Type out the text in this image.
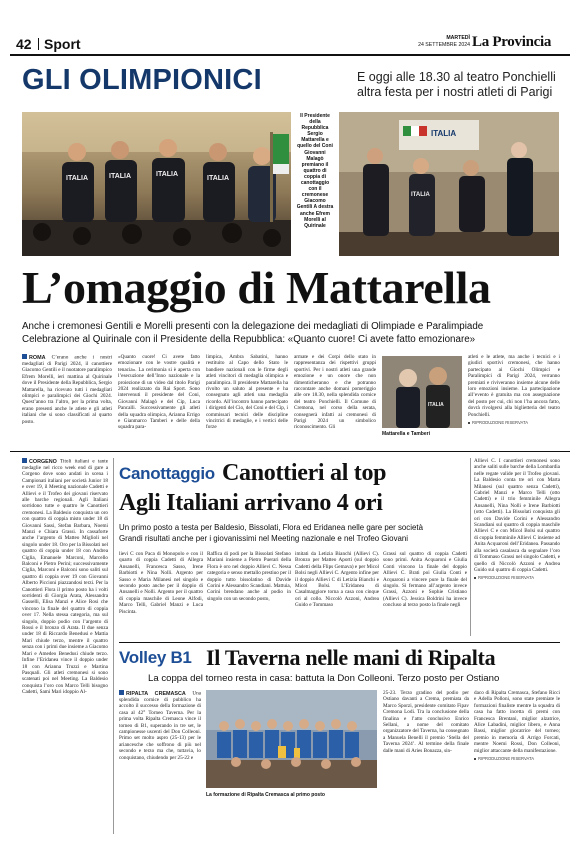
42 Sport	MARTEDÌ
24 SETTEMBRE 2024 La Provincia
GLI OLIMPIONICI	E oggi alle 18.30 al teatro Ponchielli
altra festa per i nostri atleti di Parigi
ITALIA	ITALIA	ITALIA
ITALIA
Il Presidente della Repubblica Sergio Mattarella e quello del Coni Giovanni Malagò premiano il quattro di coppia di canottaggio con il cremonese Giacomo Gentili A destra anche Efrem Morelli al Quirinale
ITALIA
ITALIA
L’omaggio di Mattarella
Anche i cremonesi Gentili e Morelli presenti con la delegazione dei medagliati di Olimpiade e Paralimpiade
Celebrazione al Quirinale con il Presidente della Repubblica: «Quanto cuore! Ci avete fatto emozionare»
ROMA C’erano anche i nostri medagliati di Parigi 2024, il canottiere Giacomo Gentili e il nuotatore paralimpico Efrem Morelli, ieri mattina al Quirinale dove il Presidente della Repubblica, Sergio Mattarella, ha ricevuto tutti i medagliati olimpici e paralimpici dei Giochi 2024. Quest’anno tra l’altro, per la prima volta, erano presenti anche le atlete e gli atleti italiani che si sono classificati al quarto posto.
«Quanto cuore! Ci avete fatto emozionare con le vostre qualità e tenacia». La cerimonia si è aperta con l’esecuzione dell’Inno nazionale e la proiezione di un video dal titolo Parigi 2024 realizzato da Rai Sport. Sono intervenuti il presidente del Coni, Giovanni Malagò e del Cip, Luca Pancalli. Successivamente gli atleti della squadra olimpica, Arianna Errigo e Gianmarco Tamberi e delle della squadra para-
limpica, Ambra Sabatini, hanno restituito al Capo dello Stato le bandiere nazionali con le firme degli atleti vincitori di medaglia olimpica e paralimpica. Il presidente Mattarella ha rivolto un saluto al presente e ha consegnato agli atleti una medaglia ricordo. All’incontro hanno partecipato i dirigenti del Cio, del Coni e del Cip, i commissari tecnici delle discipline vincitrici di medaglie, e i vertici delle forze
armate e dei Corpi dello stato in rappresentanza dei rispettivi gruppi sportivi. Per i nostri atleti una grande emozione e un onore che non dimenticheranno e che potranno raccontare anche domani pomeriggio alle ore 18.30, nella splendida cornice del teatro Ponchielli. Il Comune di Cremona, nel corso della serata, consegnerà infatti ai cremonesi di Parigi 2024 un simbolico riconoscimento. Gli
ITALIA
Mattarella e Tamberi
atleti e le atlete, ma anche i tecnici e i giudici sportivi cremonesi, che hanno partecipato ai Giochi Olimpici e Paralimpici di Parigi 2024, verranno premiati e riviveranno insieme alcune delle loro emozioni insieme. La partecipazione all’evento è gratuita ma con assegnazione del posto per cui, chi non l’ha ancora fatto, dovrà rivolgersi alla biglietteria del teatro Ponchielli.
RIPRODUZIONE RISERVATA
CORGENO Titoli italiani e tante medaglie nel ricco week end di gare a Corgeno dove sono andati in scena i Campionati italiani per società Junior 18 e over 19, il Meeting nazionale Cadetti e Allievi e il Trofeo dei giovani riservato alle barche regionali. Agli Italiani sorridono tutte e quattro le Canottieri cremonesi. La Baldesio conquista un oro con quattro di coppia misto under 18 di Giovanni Sassi, Stefan Barbara, Noemi Manzi e Chiara Grassi. In cassaforte anche l’argento di Matteo Miglioli nel singolo under 18. Oro per la Bissolati nel quattro di coppia under 18 con Andrea Ciglia, Emanuele Marconi, Marcello Balconi e Pietro Perini; successivamente Ciglia, Marconi e Balconi sono saliti sul quattro di coppia over 19 con Giovanni Alberto Piccioni piazzandosi terzi. Per la Canottieri Flora il primo posto ha i volti sorridenti di Giorgia Arata, Alessandra Gasselli, Elisa Manzi e Alice Rosi che vincono la finale del quattro di coppia over 17. Nella stessa categoria, ma sul singolo, doppio podio con l’argento di Rossi e il bronzo di Arata. Il due senza under 18 di Riccardo Benedusi e Mattia Mari chiude terzo, mentre il quattro senza con i primi due insieme a Giacomo Mari e Amedeo Benedusi chiude terzo. Infine l’Eridanea vince il doppio under 18 con Arianna Truzzi e Martina Pasquali. Gli atleti cremonesi si sono scatenati poi nel Meeting. La Baldesio conquista l’oro con Marco Telli bisogno Cadetti, Sami Mari idoppio Al-
Canottaggio Canottieri al top
Agli Italiani arrivano 4 ori
Un primo posto a testa per Baldesio, Bissolati, Flora ed Eridanea nelle gare per società
Grandi risultati anche per i giovanissimi nel Meeting nazionale e nel Trofeo Giovani
lievi C con Paca di Monopolo e con il quarto di coppia Cadetti di Allegra Ansanelli, Francesca Sasso, Irene Barbiotti e Nina Nolli. Argento per Sasso e Maria Milanesi nel singolo e secondo posto anche per il doppio di Ansanelli e Nolli. Argento per il quattro di coppia maschile di Leone Alfodi, Marco Telli, Gabriel Manzi e Luca Piscinta.
Raffica di podi per la Bissolati Stefano Mariani insieme a Pietro Puerari della Flora è oro nel doppio Allievi C. Nessa categoria e senso mettallo prestiuo per il doppio tutto bissolatino di Davide Corini e Alessandro Scandiani. Mattuia, Corini brendano anche al podio in singolo con un secondo posto,
imitati da Letizia Bianchi (Allievi C). Bronzo per Matteo Aporti (sul doppio Cadetti della Flips Gemava) e per Micol Bolsi negli Allievi C. Argento infine per il doppio Allievi C di Letizia Bianchi e Micol Bolsi. L’Eridanea di Casalmaggiore torna a casa con cinque ori al collo. Niccolò Azzoni, Andrea Guido e Tommaso
Grassi sul quattro di coppia Cadetti sono primi. Anita Acquaroni e Giulia Conti vincono la finale del doppio Allievi C. Brati poi Giulia Conti e Acquaroni a vincere pure la finale del singolo. Si fermano all’argento invece Grassi, Azzoni e Sophie Cristiano (Allievi C). Jessica Boldrini ha invece concluso al terzo posto la finale negli
Allievi C. I canottieri cremonesi sono anche saliti sulle barche della Lombardia nelle regate valide per il Trofeo giovani. La Baldesio conta tre ori con Marta Milanesi (sul quattro senza Cadetti), Gabriel Manzi e Marco Telli (otto Cadetti) e il trio femminile Allegra Ansanelli, Nina Nolli e Irene Barbiotti (otto Cadetti). La Bissolati conquista gli ori con Davide Corini e Alessandro Scandiani sul quattro di coppia maschile Allievi C e con Micol Bolsi sul quattro di coppia femminile Allievi C insieme ad Anita Acquaroni dell’Eridanea. Passando alla società casalasca da segnalare l’oro di Tommaso Grassi nel singolo Cadetti, e quello di Niccolò Azzoni e Andrea Guido sul quattro di coppia Cadetti.
RIPRODUZIONE RISERVATA
Volley B1 Il Taverna nelle mani di Ripalta
La coppa del torneo resta in casa: battuta la Don Colleoni. Terzo posto per Ostiano
RIPALTA CREMASCA Una splendida cornice di pubblico ha accolto il successo della formazione di casa al 42° Torneo Taverna. Per la prima volta Ripalta Cremasca vince il torneo di B1, superando in tre set, le campionesse uscenti del Don Colleoni. Primo set molto aspro (25-13) per le ariancesche che soffrono di più nel secondo e terzo ma che, tuttavia, lo conquistano, chiudendo per 25-22 e
La formazione di Ripalta Cremasca al primo posto
25-23. Terzo gradino del podio per Ostiano davanti a Crema, premiata da Marco Sporzi, presidente comitato Fipav Cremona Lodi. Tra la conclusione della finalina e l’atto conclusivo Enrico Sellani, a nome del comitato organizzatore del Taverna, ha consegnato a Manuela Benelli il premio ‘Stella del Taverna 2024’. Al termine della finale dalle mani di Aries Bonazza, sin-
daco di Ripalta Cremasca, Stefano Ricci e Adella Polloni, sono state premiate le formazioni finaliste mentre la squadra di casa ha fatto incetta di premi con Francesca Brentani, miglior alzatrice, Alice Labadini, miglior libero, e Anna Bassi, miglior giocatrice del torneo; premio in memoria di Arrigo Forcati, mentre Noemi Rossi, Don Colleoni, miglior attaccante della manifestazione.
RIPRODUZIONE RISERVATA
